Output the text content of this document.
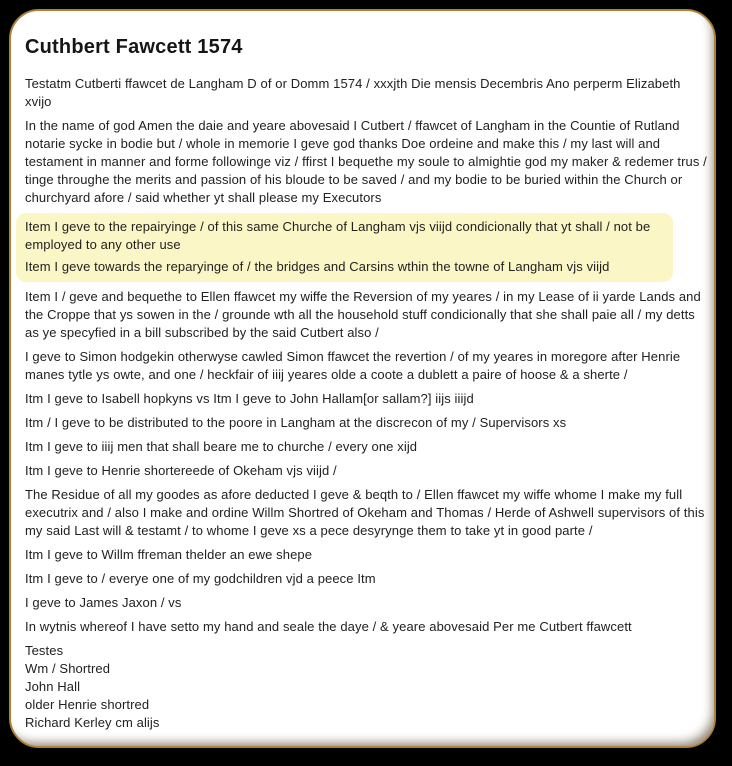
Cuthbert Fawcett 1574

Testatm Cutberti ffawcet de Langham D of or Domm 1574 / xxxjth Die mensis Decembris Ano perperm Elizabeth xvijo

In the name of god Amen the daie and yeare abovesaid I Cutbert / ffawcet of Langham in the Countie of Rutland notarie sycke in bodie but / whole in memorie I geve god thanks Doe ordeine and make this / my last will and testament in manner and forme followinge viz / ffirst I bequethe my soule to almightie god my maker & redemer trus / tinge throughe the merits and passion of his bloude to be saved / and my bodie to be buried within the Church or churchyard afore / said whether yt shall please my Executors

Item I geve to the repairyinge / of this same Churche of Langham vjs viijd condicionally that yt shall / not be employed to any other use

Item I geve towards the reparyinge of / the bridges and Carsins wthin the towne of Langham vjs viijd

Item I / geve and bequethe to Ellen ffawcet my wiffe the Reversion of my yeares / in my Lease of ii yarde Lands and the Croppe that ys sowen in the / grounde wth all the household stuff condicionally that she shall paie all / my detts as ye specyfied in a bill subscribed by the said Cutbert also /

I geve to Simon hodgekin otherwyse cawled Simon ffawcet the revertion / of my yeares in moregore after Henrie manes tytle ys owte, and one / heckfair of iiij yeares olde a coote a dublett a paire of hoose & a sherte /

Itm I geve to Isabell hopkyns vs Itm I geve to John Hallam[or sallam?] iijs iiijd

Itm / I geve to be distributed to the poore in Langham at the discrecon of my / Supervisors xs

Itm I geve to iiij men that shall beare me to churche / every one xijd

Itm I geve to Henrie shortereede of Okeham vjs viijd /

The Residue of all my goodes as afore deducted I geve & beqth to / Ellen ffawcet my wiffe whome I make my full executrix and / also I make and ordine Willm Shortred of Okeham and Thomas / Herde of Ashwell supervisors of this my said Last will & testamt / to whome I geve xs a pece desyrynge them to take yt in good parte /

Itm I geve to Willm ffreman thelder an ewe shepe

Itm I geve to / everye one of my godchildren vjd a peece Itm

I geve to James Jaxon / vs

In wytnis whereof I have setto my hand and seale the daye / & yeare abovesaid Per me Cutbert ffawcett

Testes
Wm / Shortred
John Hall
older Henrie shortred
Richard Kerley cm alijs
